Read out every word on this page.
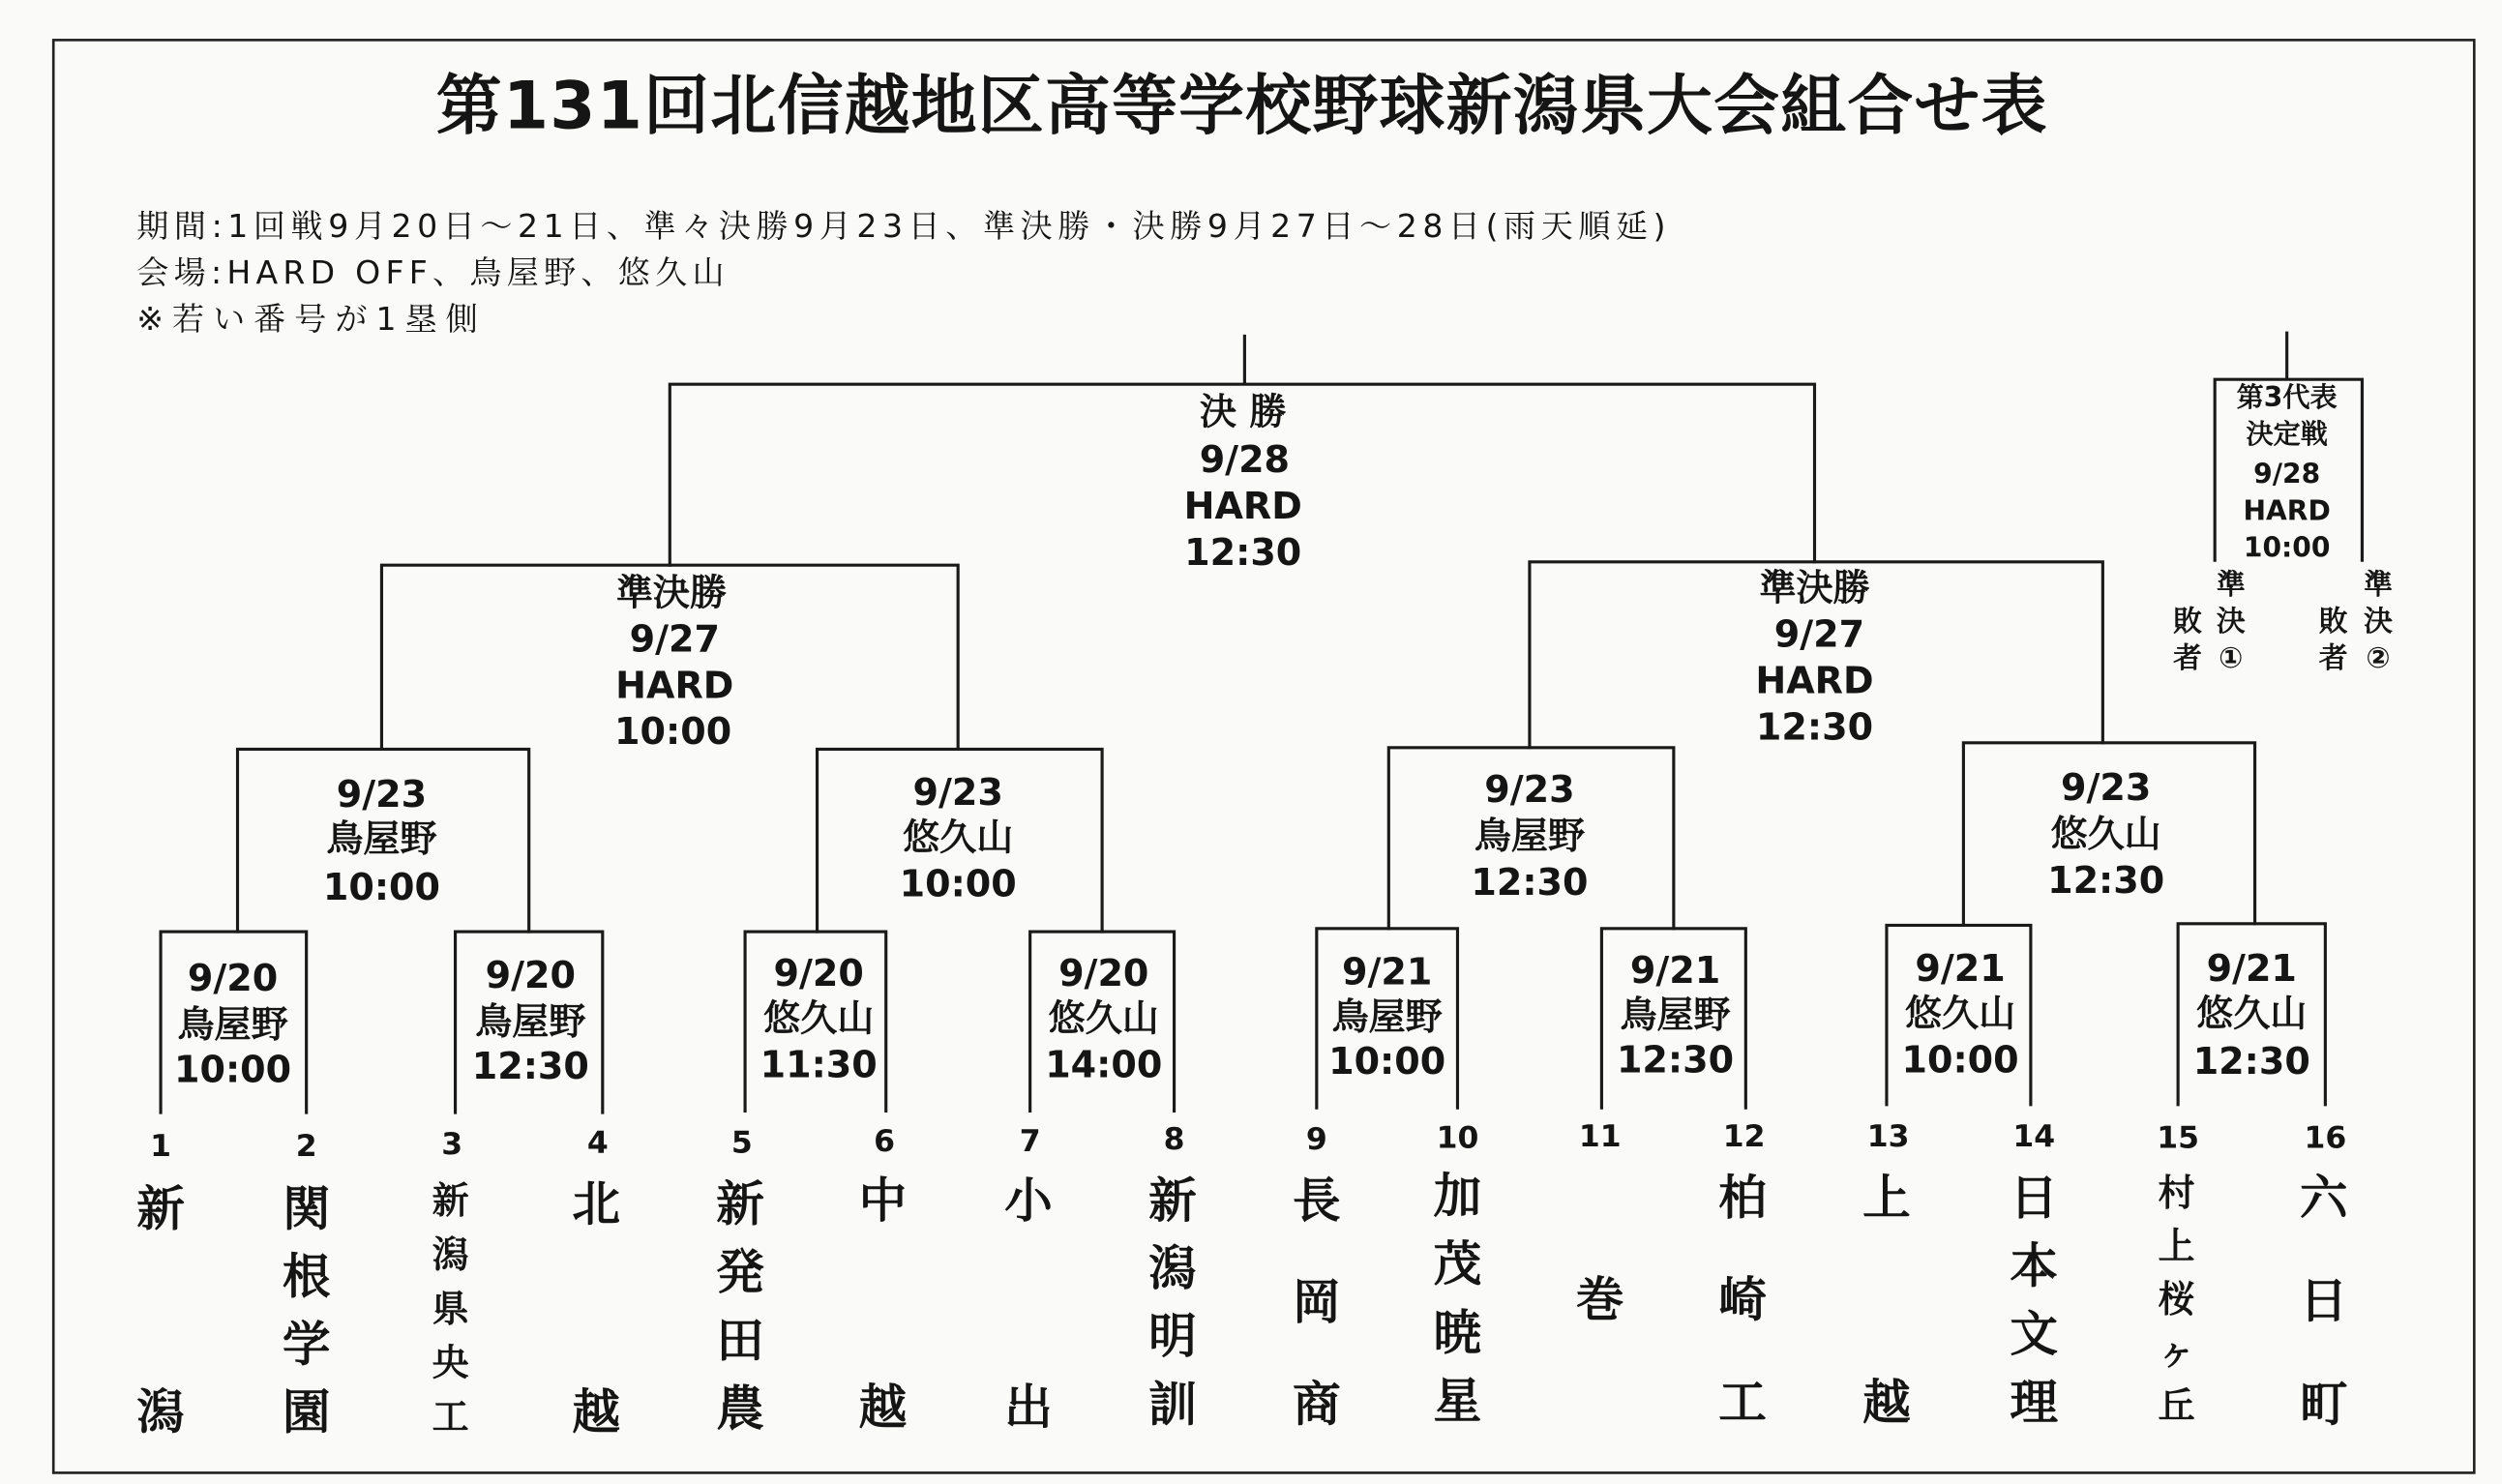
第131回北信越地区高等学校野球新潟県大会組合せ表
期間:1回戦9月20日～21日、準々決勝9月23日、準決勝・決勝9月27日～28日(雨天順延)
会場:HARD OFF、鳥屋野、悠久山
※若い番号が1塁側
決 勝
9/28
HARD
12:30
準決勝
9/27
HARD
10:00
準決勝
9/27
HARD
12:30
9/23
鳥屋野
10:00
9/23
悠久山
10:00
9/23
鳥屋野
12:30
9/23
悠久山
12:30
9/20
鳥屋野
10:00
9/20
鳥屋野
12:30
9/20
悠久山
11:30
9/20
悠久山
14:00
9/21
鳥屋野
10:00
9/21
鳥屋野
12:30
9/21
悠久山
10:00
9/21
悠久山
12:30
第3代表
決定戦
9/28
HARD
10:00
準決 ①
敗者
準決 ②
敗者
1
新潟
2
関根学園
3
新潟県央工
4
北越
5
新発田農
6
中越
7
小出
8
新潟明訓
9
長岡商
10
加茂暁星
11
巻
12
柏崎工
13
上越
14
日本文理
15
村上桜ヶ丘
16
六日町
